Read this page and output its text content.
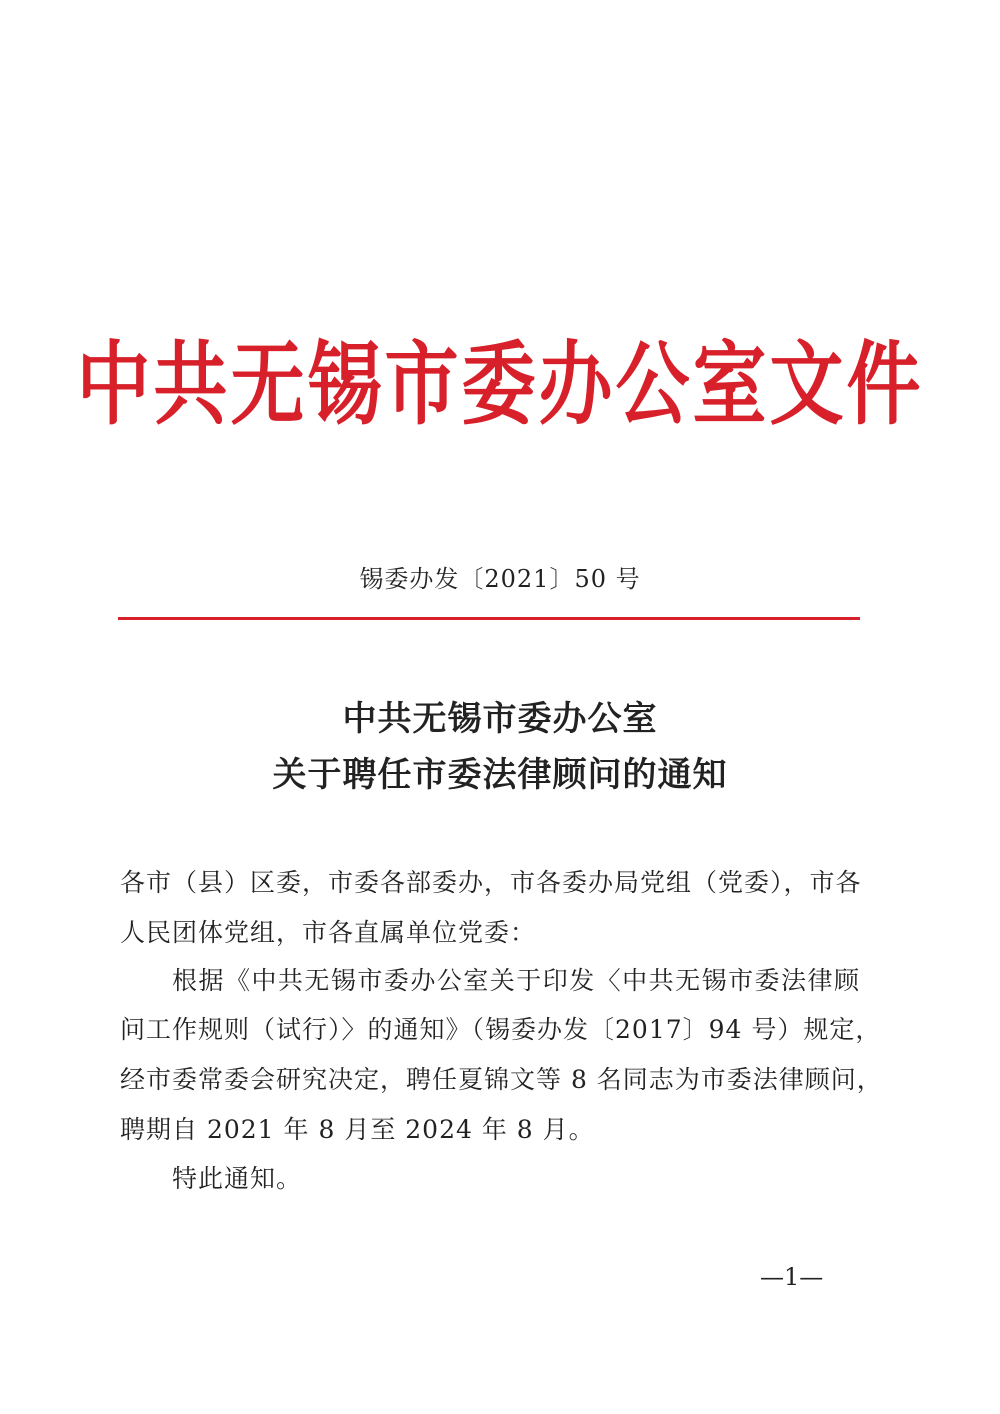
中共无锡市委办公室文件
锡委办发〔2021〕50 号
中共无锡市委办公室
关于聘任市委法律顾问的通知
各市（县）区委，市委各部委办，市各委办局党组（党委），市各
人民团体党组，市各直属单位党委：
根据《中共无锡市委办公室关于印发〈中共无锡市委法律顾
问工作规则（试行）〉的通知》（锡委办发〔2017〕94 号）规定，
经市委常委会研究决定，聘任夏锦文等 8 名同志为市委法律顾问，
聘期自 2021 年 8 月至 2024 年 8 月。
特此通知。
—1—
